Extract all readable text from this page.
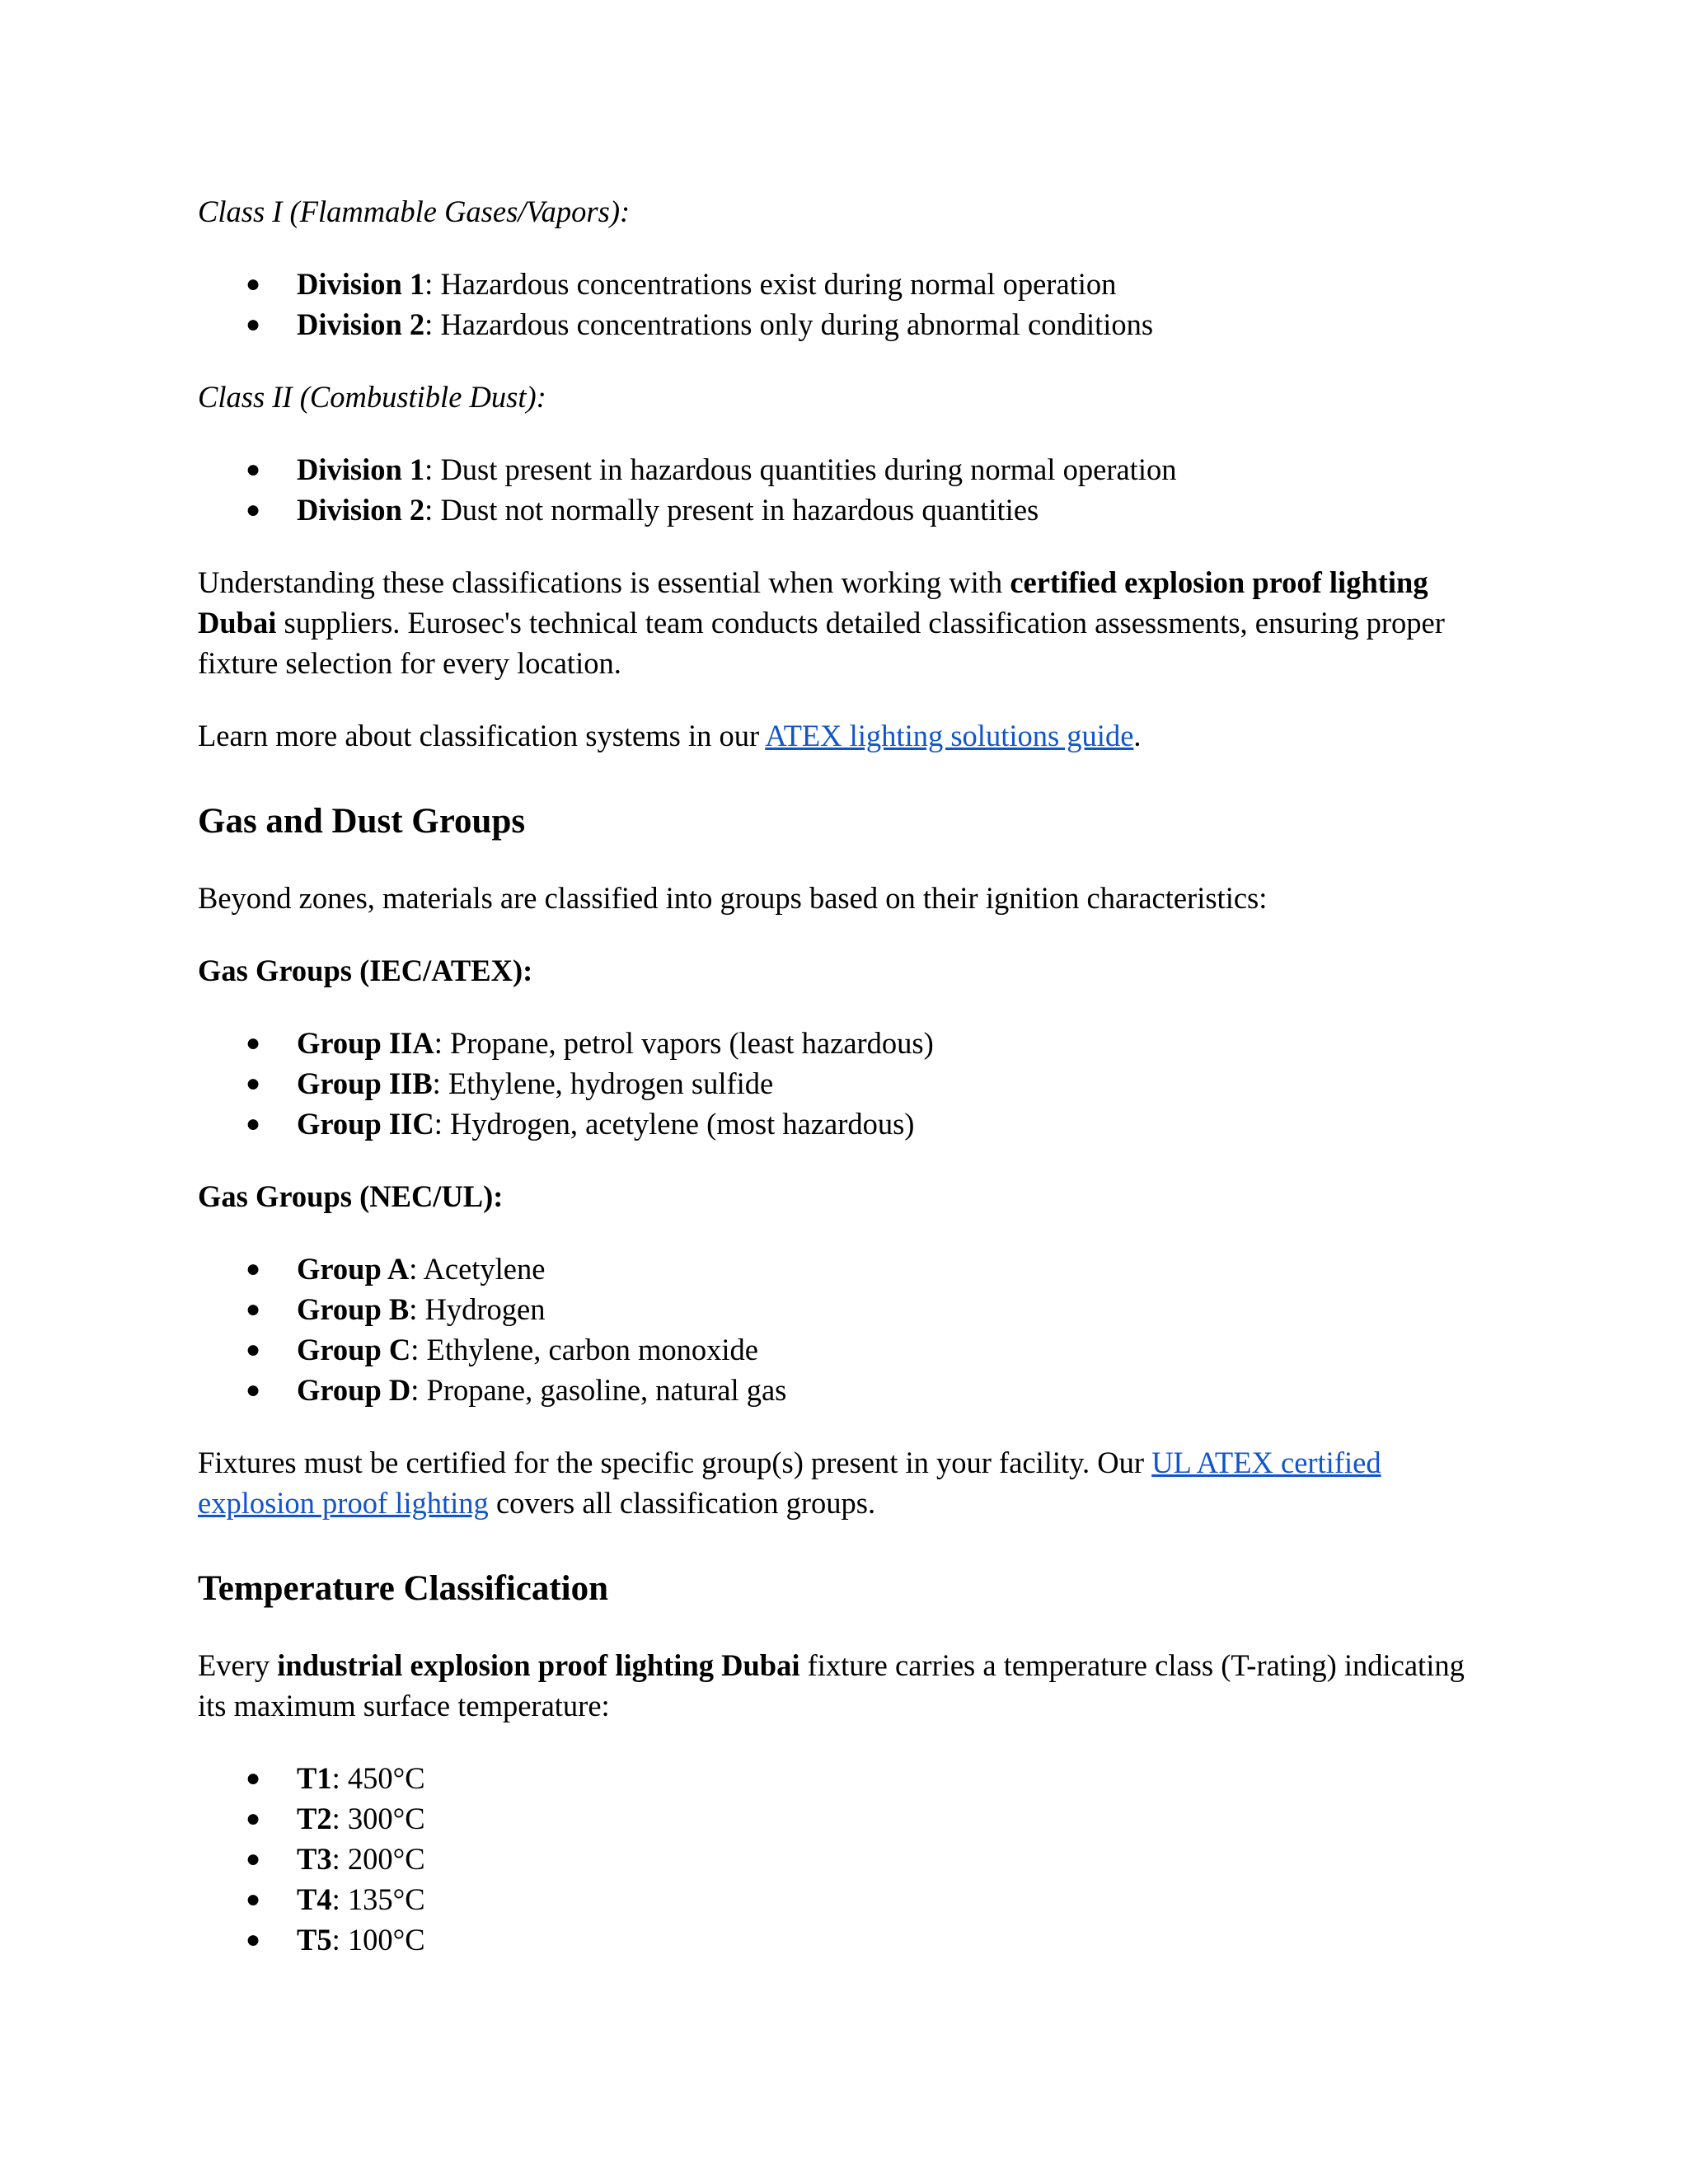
Class I (Flammable Gases/Vapors):

● Division 1: Hazardous concentrations exist during normal operation
● Division 2: Hazardous concentrations only during abnormal conditions

Class II (Combustible Dust):

● Division 1: Dust present in hazardous quantities during normal operation
● Division 2: Dust not normally present in hazardous quantities

Understanding these classifications is essential when working with certified explosion proof lighting Dubai suppliers. Eurosec's technical team conducts detailed classification assessments, ensuring proper fixture selection for every location.

Learn more about classification systems in our ATEX lighting solutions guide.

Gas and Dust Groups

Beyond zones, materials are classified into groups based on their ignition characteristics:

Gas Groups (IEC/ATEX):

● Group IIA: Propane, petrol vapors (least hazardous)
● Group IIB: Ethylene, hydrogen sulfide
● Group IIC: Hydrogen, acetylene (most hazardous)

Gas Groups (NEC/UL):

● Group A: Acetylene
● Group B: Hydrogen
● Group C: Ethylene, carbon monoxide
● Group D: Propane, gasoline, natural gas

Fixtures must be certified for the specific group(s) present in your facility. Our UL ATEX certified explosion proof lighting covers all classification groups.

Temperature Classification

Every industrial explosion proof lighting Dubai fixture carries a temperature class (T-rating) indicating its maximum surface temperature:

● T1: 450°C
● T2: 300°C
● T3: 200°C
● T4: 135°C
● T5: 100°C
